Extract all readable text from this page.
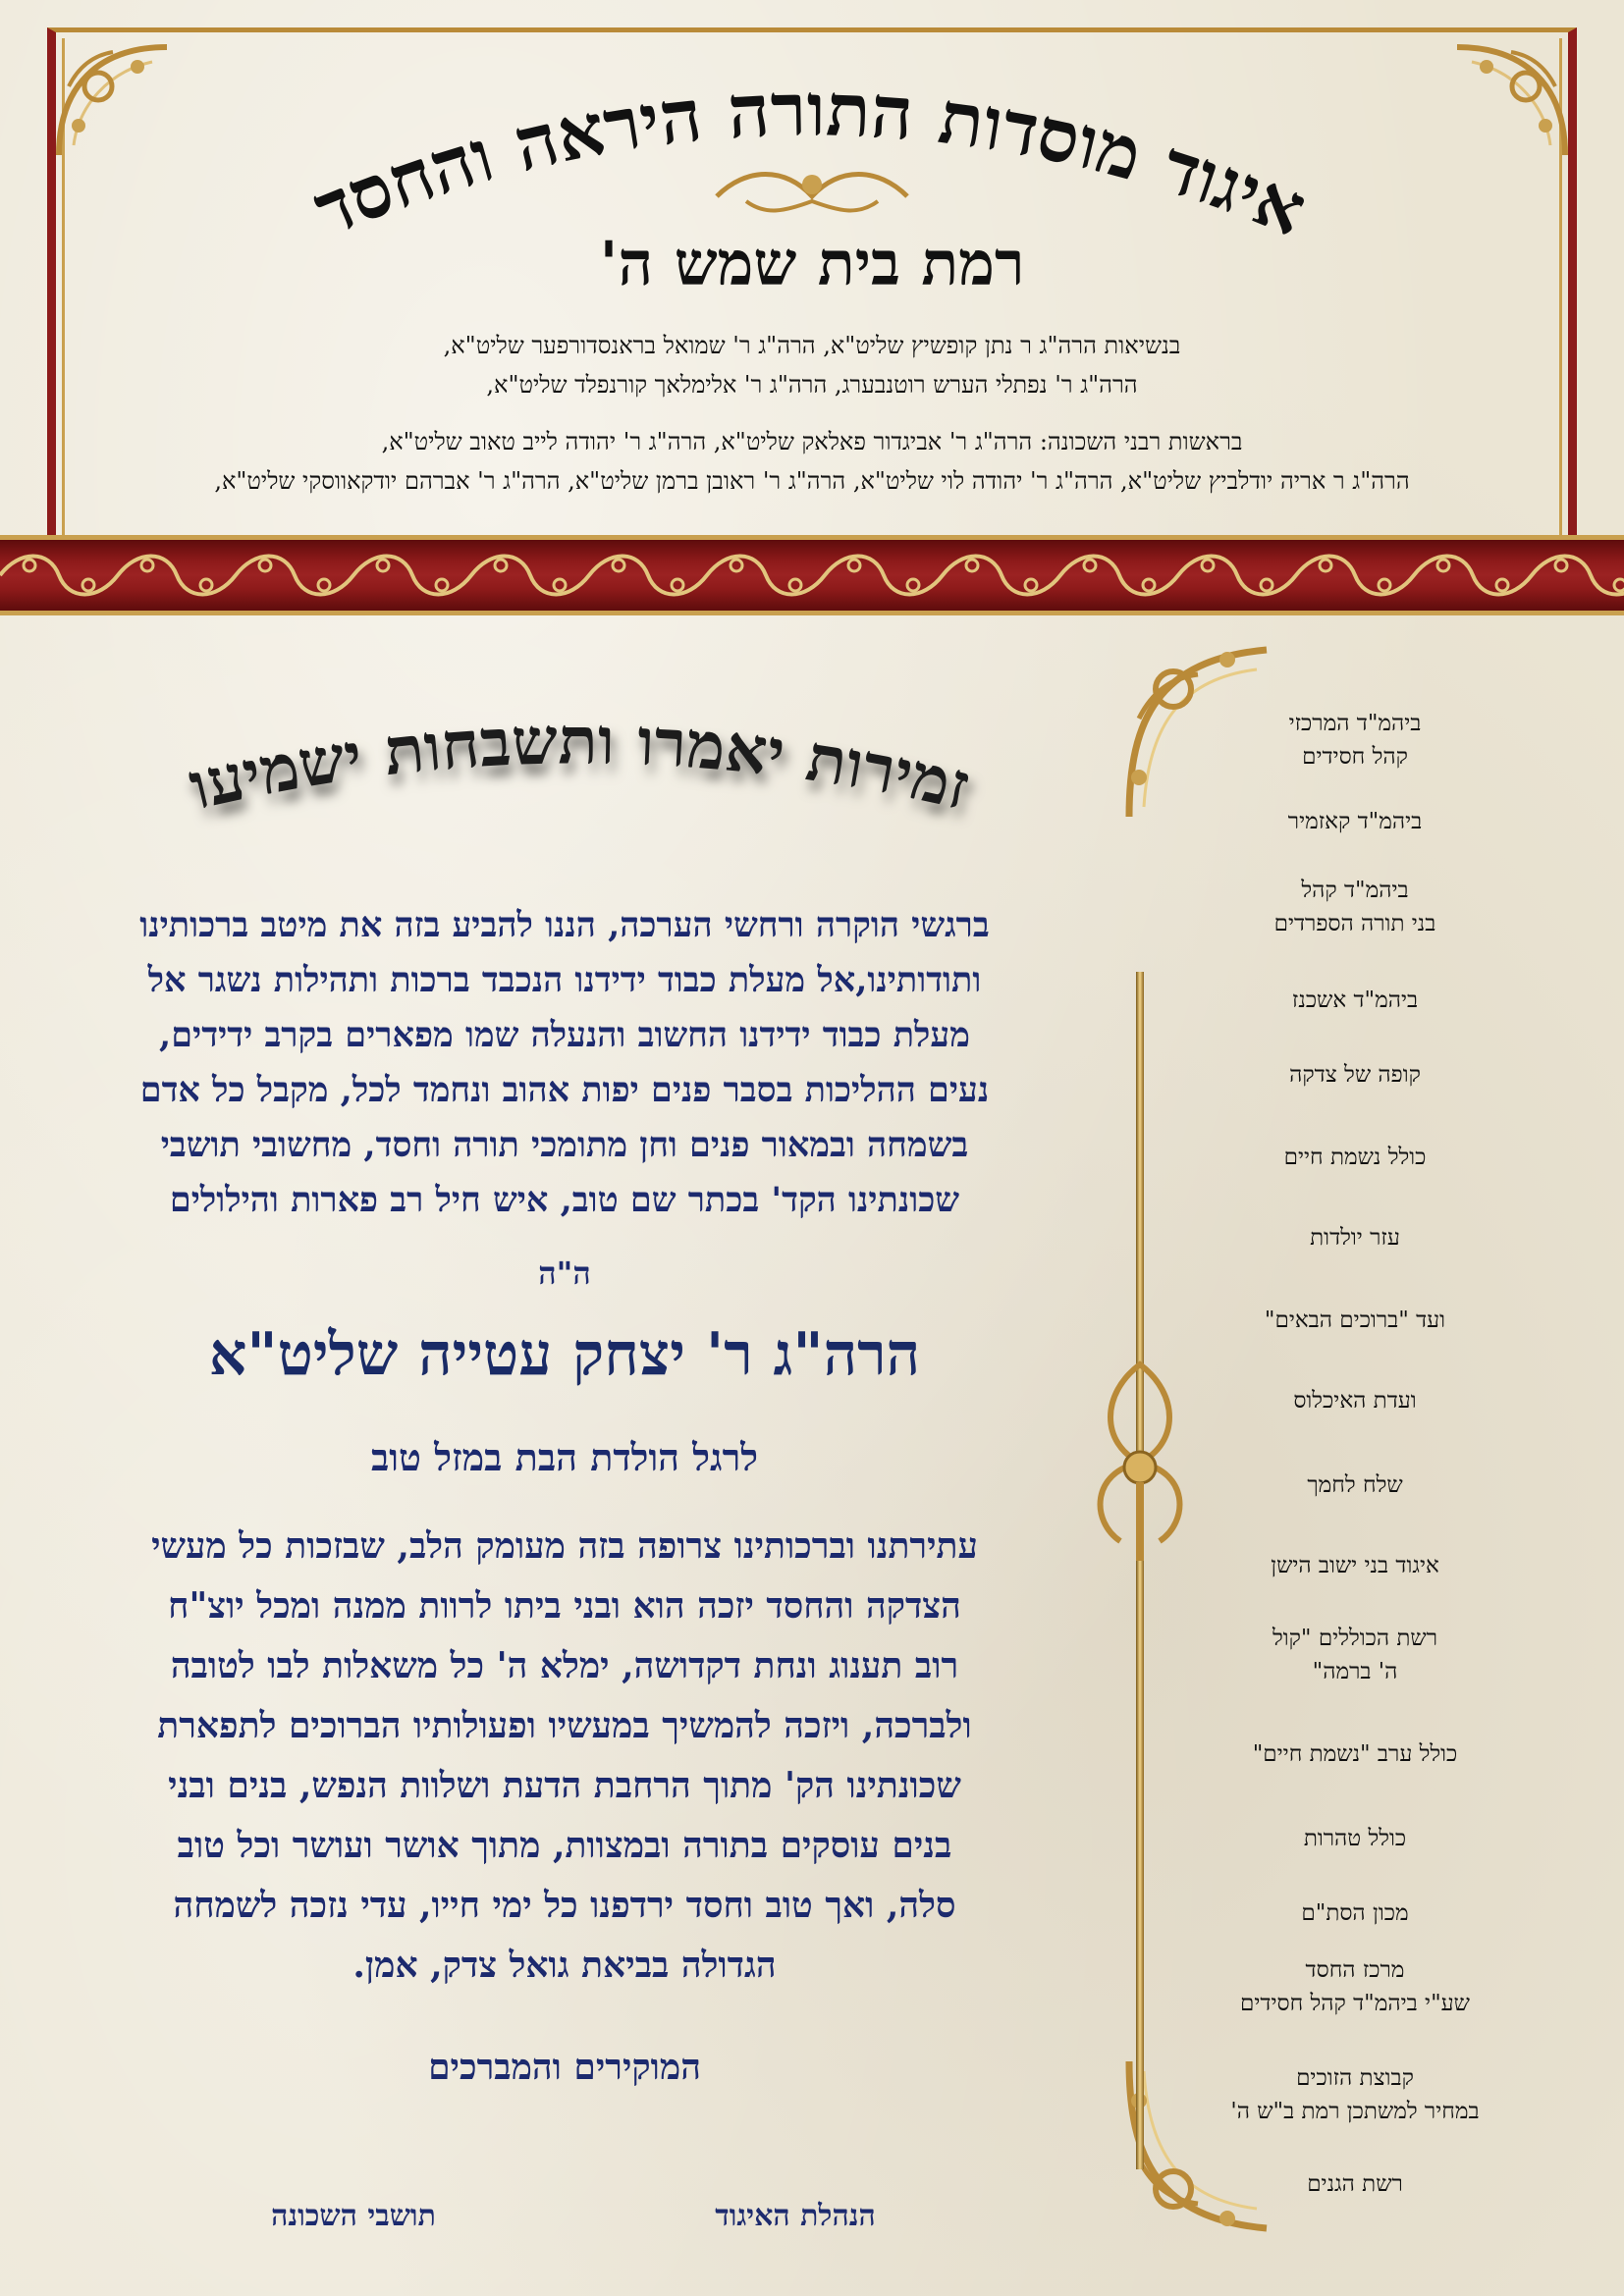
איגוד מוסדות התורה היראה והחסד
רמת בית שמש ה'
בנשיאות הרה"ג ר נתן קופשיץ שליט"א, הרה"ג ר' שמואל בראנסדורפער שליט"א,
הרה"ג ר' נפתלי הערש רוטנבערג, הרה"ג ר' אלימלאך קורנפלד שליט"א,
בראשות רבני השכונה: הרה"ג ר' אביגדור פאלאק שליט"א, הרה"ג ר' יהודה לייב טאוב שליט"א,
הרה"ג ר אריה יודלביץ שליט"א, הרה"ג ר' יהודה לוי שליט"א, הרה"ג ר' ראובן ברמן שליט"א, הרה"ג ר' אברהם יודקאווסקי שליט"א,
זמירות יאמרו ותשבחות ישמיעו
ברגשי הוקרה ורחשי הערכה, הננו להביע בזה את מיטב ברכותינו
ותודותינו,אל מעלת כבוד ידידנו הנכבד ברכות ותהילות נשגר אל
מעלת כבוד ידידנו החשוב והנעלה שמו מפארים בקרב ידידים,
נעים ההליכות בסבר פנים יפות אהוב ונחמד לכל, מקבל כל אדם
בשמחה ובמאור פנים וחן מתומכי תורה וחסד, מחשובי תושבי
שכונתינו הקד' בכתר שם טוב, איש חיל רב פארות והילולים
ה"ה
הרה"ג ר' יצחק עטייה שליט"א
לרגל הולדת הבת במזל טוב
עתירתנו וברכותינו צרופה בזה מעומק הלב, שבזכות כל מעשי
הצדקה והחסד יזכה הוא ובני ביתו לרוות ממנה ומכל יוצ"ח
רוב תענוג ונחת דקדושה, ימלא ה' כל משאלות לבו לטובה
ולברכה, ויזכה להמשיך במעשיו ופעולותיו הברוכים לתפארת
שכונתינו הק' מתוך הרחבת הדעת ושלוות הנפש, בנים ובני
בנים עוסקים בתורה ובמצוות, מתוך אושר ועושר וכל טוב
סלה, ואך טוב וחסד ירדפנו כל ימי חייו, עדי נזכה לשמחה
הגדולה בביאת גואל צדק, אמן.
המוקירים והמברכים
הנהלת האיגוד
תושבי השכונה
ביהמ"ד המרכזי
קהל חסידים
ביהמ"ד קאזמיר
ביהמ"ד קהל
בני תורה הספרדים
ביהמ"ד אשכנז
קופה של צדקה
כולל נשמת חיים
עזר יולדות
ועד "ברוכים הבאים"
ועדת האיכלוס
שלח לחמך
איגוד בני ישוב הישן
רשת הכוללים "קול
ה' ברמה"
כולל ערב "נשמת חיים"
כולל טהרות
מכון הסת"ם
מרכז החסד
שע"י ביהמ"ד קהל חסידים
קבוצת הזוכים
במחיר למשתכן רמת ב"ש ה'
רשת הגנים
